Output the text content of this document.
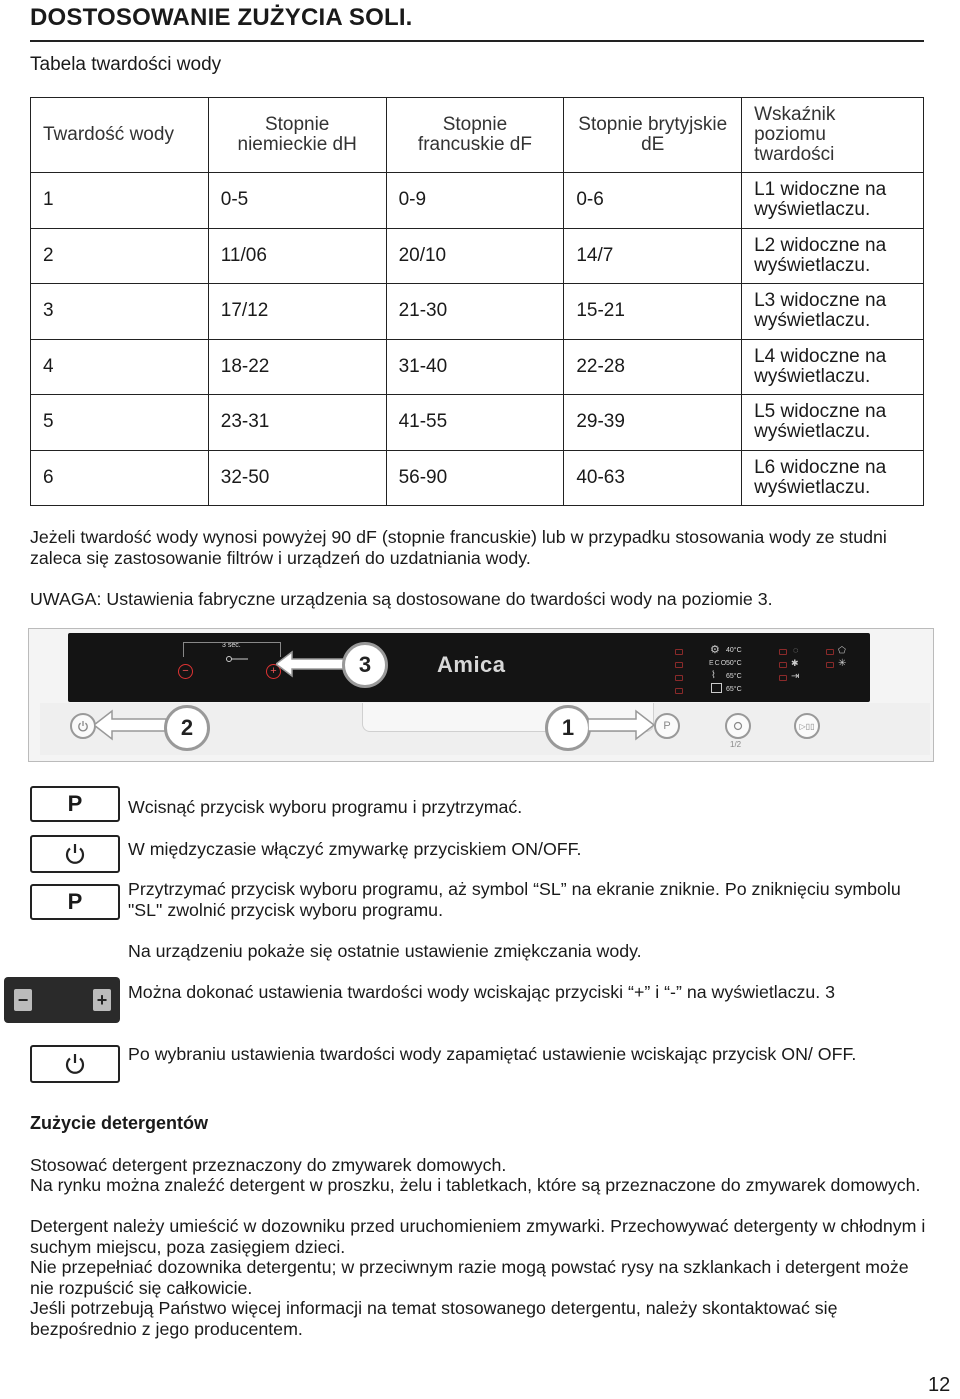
DOSTOSOWANIE ZUŻYCIA SOLI.
Tabela twardości wody
Twardość wody	Stopnie niemieckie dH	Stopnie francuskie dF	Stopnie brytyjskie dE	Wskaźnik poziomu twardości
1	0-5	0-9	0-6	L1 widoczne na wyświetlaczu.
2	11/06	20/10	14/7	L2 widoczne na wyświetlaczu.
3	17/12	21-30	15-21	L3 widoczne na wyświetlaczu.
4	18-22	31-40	22-28	L4 widoczne na wyświetlaczu.
5	23-31	41-55	29-39	L5 widoczne na wyświetlaczu.
6	32-50	56-90	40-63	L6 widoczne na wyświetlaczu.
Jeżeli twardość wody wynosi powyżej 90 dF (stopnie francuskie) lub w przypadku stosowania wody ze studni zaleca się zastosowanie filtrów i urządzeń do uzdatniania wody.
UWAGA: Ustawienia fabryczne urządzenia są dostosowane do twardości wody na poziomie 3.
3 sec.
−	+	3	Amica
⚙
ECO
⌇
40°C
50°C
65°C
65°C
◌
✱
⇥
⬠
✳
2	1	P
1/2
▷▯▯
P
P
−	+
Wcisnąć przycisk wyboru programu i przytrzymać.
W międzyczasie włączyć zmywarkę przyciskiem ON/OFF.
Przytrzymać przycisk wyboru programu, aż symbol “SL” na ekranie zniknie. Po zniknięciu symbolu "SL" zwolnić przycisk wyboru programu.
Na urządzeniu pokaże się ostatnie ustawienie zmiękczania wody.
Można dokonać ustawienia twardości wody wciskając przyciski “+” i “-” na wyświetlaczu. 3
Po wybraniu ustawienia twardości wody zapamiętać ustawienie wciskając przycisk ON/ OFF.
Zużycie detergentów
Stosować detergent przeznaczony do zmywarek domowych.
Na rynku można znaleźć detergent w proszku, żelu i tabletkach, które są przeznaczone do zmywarek domowych.
Detergent należy umieścić w dozowniku przed uruchomieniem zmywarki. Przechowywać detergenty w chłodnym i suchym miejscu, poza zasięgiem dzieci.
Nie przepełniać dozownika detergentu; w przeciwnym razie mogą powstać rysy na szklankach i detergent może nie rozpuścić się całkowicie.
Jeśli potrzebują Państwo więcej informacji na temat stosowanego detergentu, należy skontaktować się bezpośrednio z jego producentem.
12
